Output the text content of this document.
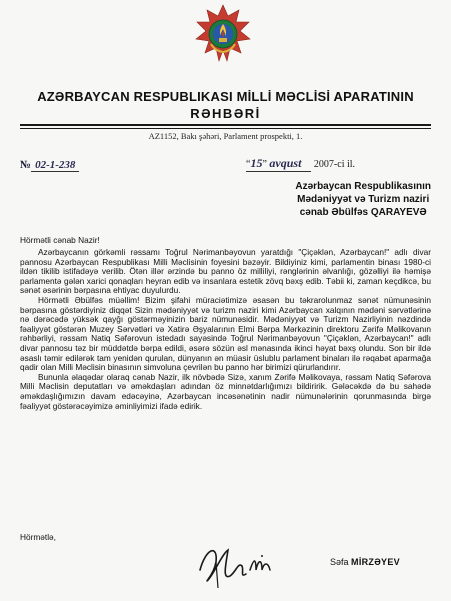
AZƏRBAYCAN RESPUBLIKASI MİLLİ MƏCLİSİ APARATININ
RƏHBƏRİ
AZ1152, Bakı şəhəri, Parlament prospekti, 1.
№ 02-1-238	“15” avqust 2007-ci il.
Azərbaycan Respublikasının
Mədəniyyət və Turizm naziri
cənab Əbülfəs QARAYEVƏ
Hörmətli cənab Nazir!

Azərbaycanın görkəmli rəssamı Toğrul Nərimanbəyovun yaratdığı "Çiçəklən, Azərbaycan!" adlı divar pannosu Azərbaycan Respublikası Milli Məclisinin foyesini bəzəyir. Bildiyiniz kimi, parlamentin binası 1980-ci ildən tikilib istifadəyə verilib. Ötən illər ərzində bu panno öz milliliyi, rənglərinin əlvanlığı, gözəlliyi ilə həmişə parlamentə gələn xarici qonaqları heyran edib və insanlara estetik zövq bəxş edib. Təbii ki, zaman keçdikcə, bu sənət əsərinin bərpasına ehtiyac duyulurdu.

Hörmətli Əbülfəs müəllim! Bizim şifahi müraciətimizə əsasən bu təkrarolunmaz sənət nümunəsinin bərpasına göstərdiyiniz diqqət Sizin mədəniyyət və turizm naziri kimi Azərbaycan xalqının mədəni sərvətlərinə nə dərəcədə yüksək qayğı göstərməyinizin bariz nümunəsidir. Mədəniyyət və Turizm Nazirliyinin nəzdində fəaliyyət göstərən Muzey Sərvətləri və Xatirə Əşyalarının Elmi Bərpa Mərkəzinin direktoru Zərifə Məlikovanın rəhbərliyi, rəssam Natiq Səfərovun istedadı sayəsində Toğrul Nərimanbəyovun "Çiçəklən, Azərbaycan!" adlı divar pannosu təz bir müddətdə bərpa edildi, əsərə sözün əsl mənasında ikinci həyat bəxş olundu. Son bir ildə əsaslı təmir edilərək tam yenidən qurulan, dünyanın ən müasir üslublu parlament binaları ilə rəqabət aparmağa qadir olan Milli Məclisin binasının simvoluna çevrilən bu panno hər birimizi qürurlandırır.

Bununla əlaqədar olaraq cənab Nazir, ilk növbədə Sizə, xanım Zərifə Məlikovaya, rəssam Natiq Səfərova Milli Məclisin deputatları və əməkdaşları adından öz minnətdarlığımızı bildiririk. Gələcəkdə də bu sahədə əməkdaşlığımızın davam edəcəyinə, Azərbaycan incəsənətinin nadir nümunələrinin qorunmasında birgə fəaliyyət göstərəcəyimizə əminliyimizi ifadə edirik.

Hörmətlə,
Səfa MİRZƏYEV
